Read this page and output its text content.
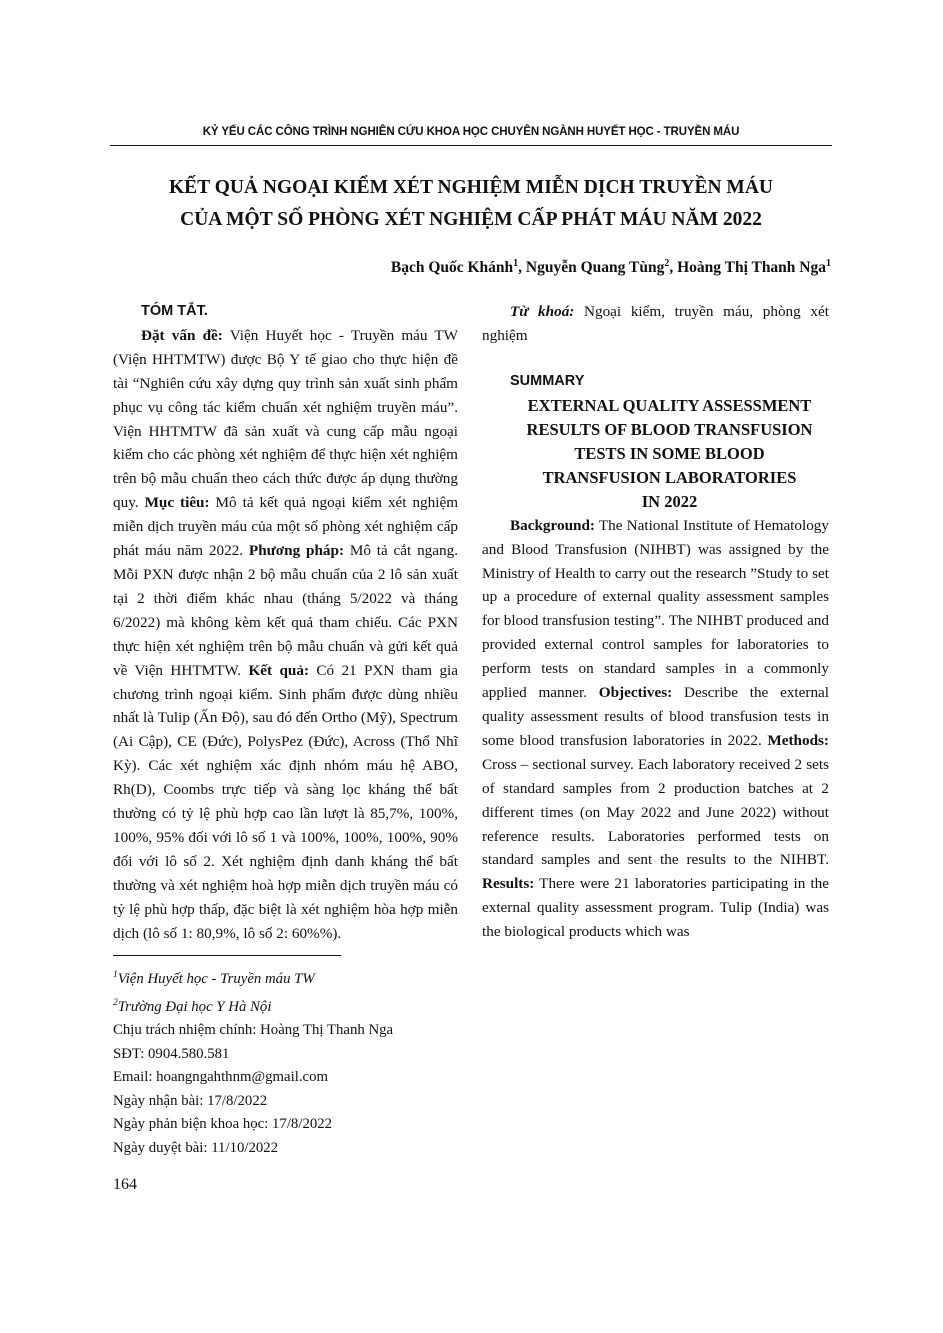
KỶ YẾU CÁC CÔNG TRÌNH NGHIÊN CỨU KHOA HỌC CHUYÊN NGÀNH HUYẾT HỌC - TRUYỀN MÁU
KẾT QUẢ NGOẠI KIỂM XÉT NGHIỆM MIỄN DỊCH TRUYỀN MÁU
CỦA MỘT SỐ PHÒNG XÉT NGHIỆM CẤP PHÁT MÁU NĂM 2022
Bạch Quốc Khánh$^1$, Nguyễn Quang Tùng$^2$, Hoàng Thị Thanh Nga$^1$

TÓM TẮT.

Đặt vấn đề: Viện Huyết học - Truyền máu TW (Viện HHTMTW) được Bộ Y tế giao cho thực hiện đề tài “Nghiên cứu xây dựng quy trình sản xuất sinh phẩm phục vụ công tác kiểm chuẩn xét nghiệm truyền máu”. Viện HHTMTW đã sản xuất và cung cấp mẫu ngoại kiểm cho các phòng xét nghiệm để thực hiện xét nghiệm trên bộ mẫu chuẩn theo cách thức được áp dụng thường quy. Mục tiêu: Mô tả kết quả ngoại kiểm xét nghiệm miễn dịch truyền máu của một số phòng xét nghiệm cấp phát máu năm 2022. Phương pháp: Mô tả cắt ngang. Mỗi PXN được nhận 2 bộ mẫu chuẩn của 2 lô sản xuất tại 2 thời điểm khác nhau (tháng 5/2022 và tháng 6/2022) mà không kèm kết quả tham chiếu. Các PXN thực hiện xét nghiệm trên bộ mẫu chuẩn và gửi kết quả về Viện HHTMTW. Kết quả: Có 21 PXN tham gia chương trình ngoại kiểm. Sinh phẩm được dùng nhiều nhất là Tulip (Ấn Độ), sau đó đến Ortho (Mỹ), Spectrum (Ai Cập), CE (Đức), PolysPez (Đức), Across (Thổ Nhĩ Kỳ). Các xét nghiệm xác định nhóm máu hệ ABO, Rh(D), Coombs trực tiếp và sàng lọc kháng thể bất thường có tỷ lệ phù hợp cao lần lượt là 85,7%, 100%, 100%, 95% đối với lô số 1 và 100%, 100%, 100%, 90% đối với lô số 2. Xét nghiệm định danh kháng thể bất thường và xét nghiệm hoà hợp miễn dịch truyền máu có tỷ lệ phù hợp thấp, đặc biệt là xét nghiệm hòa hợp miễn dịch (lô số 1: 80,9%, lô số 2: 60%%).

Từ khoá: Ngoại kiểm, truyền máu, phòng xét nghiệm

SUMMARY

EXTERNAL QUALITY ASSESSMENT

RESULTS OF BLOOD TRANSFUSION

TESTS IN SOME BLOOD

TRANSFUSION LABORATORIES

IN 2022

Background: The National Institute of Hematology and Blood Transfusion (NIHBT) was assigned by the Ministry of Health to carry out the research ”Study to set up a procedure of external quality assessment samples for blood transfusion testing”. The NIHBT produced and provided external control samples for laboratories to perform tests on standard samples in a commonly applied manner. Objectives: Describe the external quality assessment results of blood transfusion tests in some blood transfusion laboratories in 2022. Methods: Cross – sectional survey. Each laboratory received 2 sets of standard samples from 2 production batches at 2 different times (on May 2022 and June 2022) without reference results. Laboratories performed tests on standard samples and sent the results to the NIHBT. Results: There were 21 laboratories participating in the external quality assessment program. Tulip (India) was the biological products which was

$^1$Viện Huyết học - Truyền máu TW
$^2$Trường Đại học Y Hà Nội
Chịu trách nhiệm chính: Hoàng Thị Thanh Nga
SĐT: 0904.580.581
Email: hoangngahthnm@gmail.com
Ngày nhận bài: 17/8/2022
Ngày phản biện khoa học: 17/8/2022
Ngày duyệt bài: 11/10/2022
164
